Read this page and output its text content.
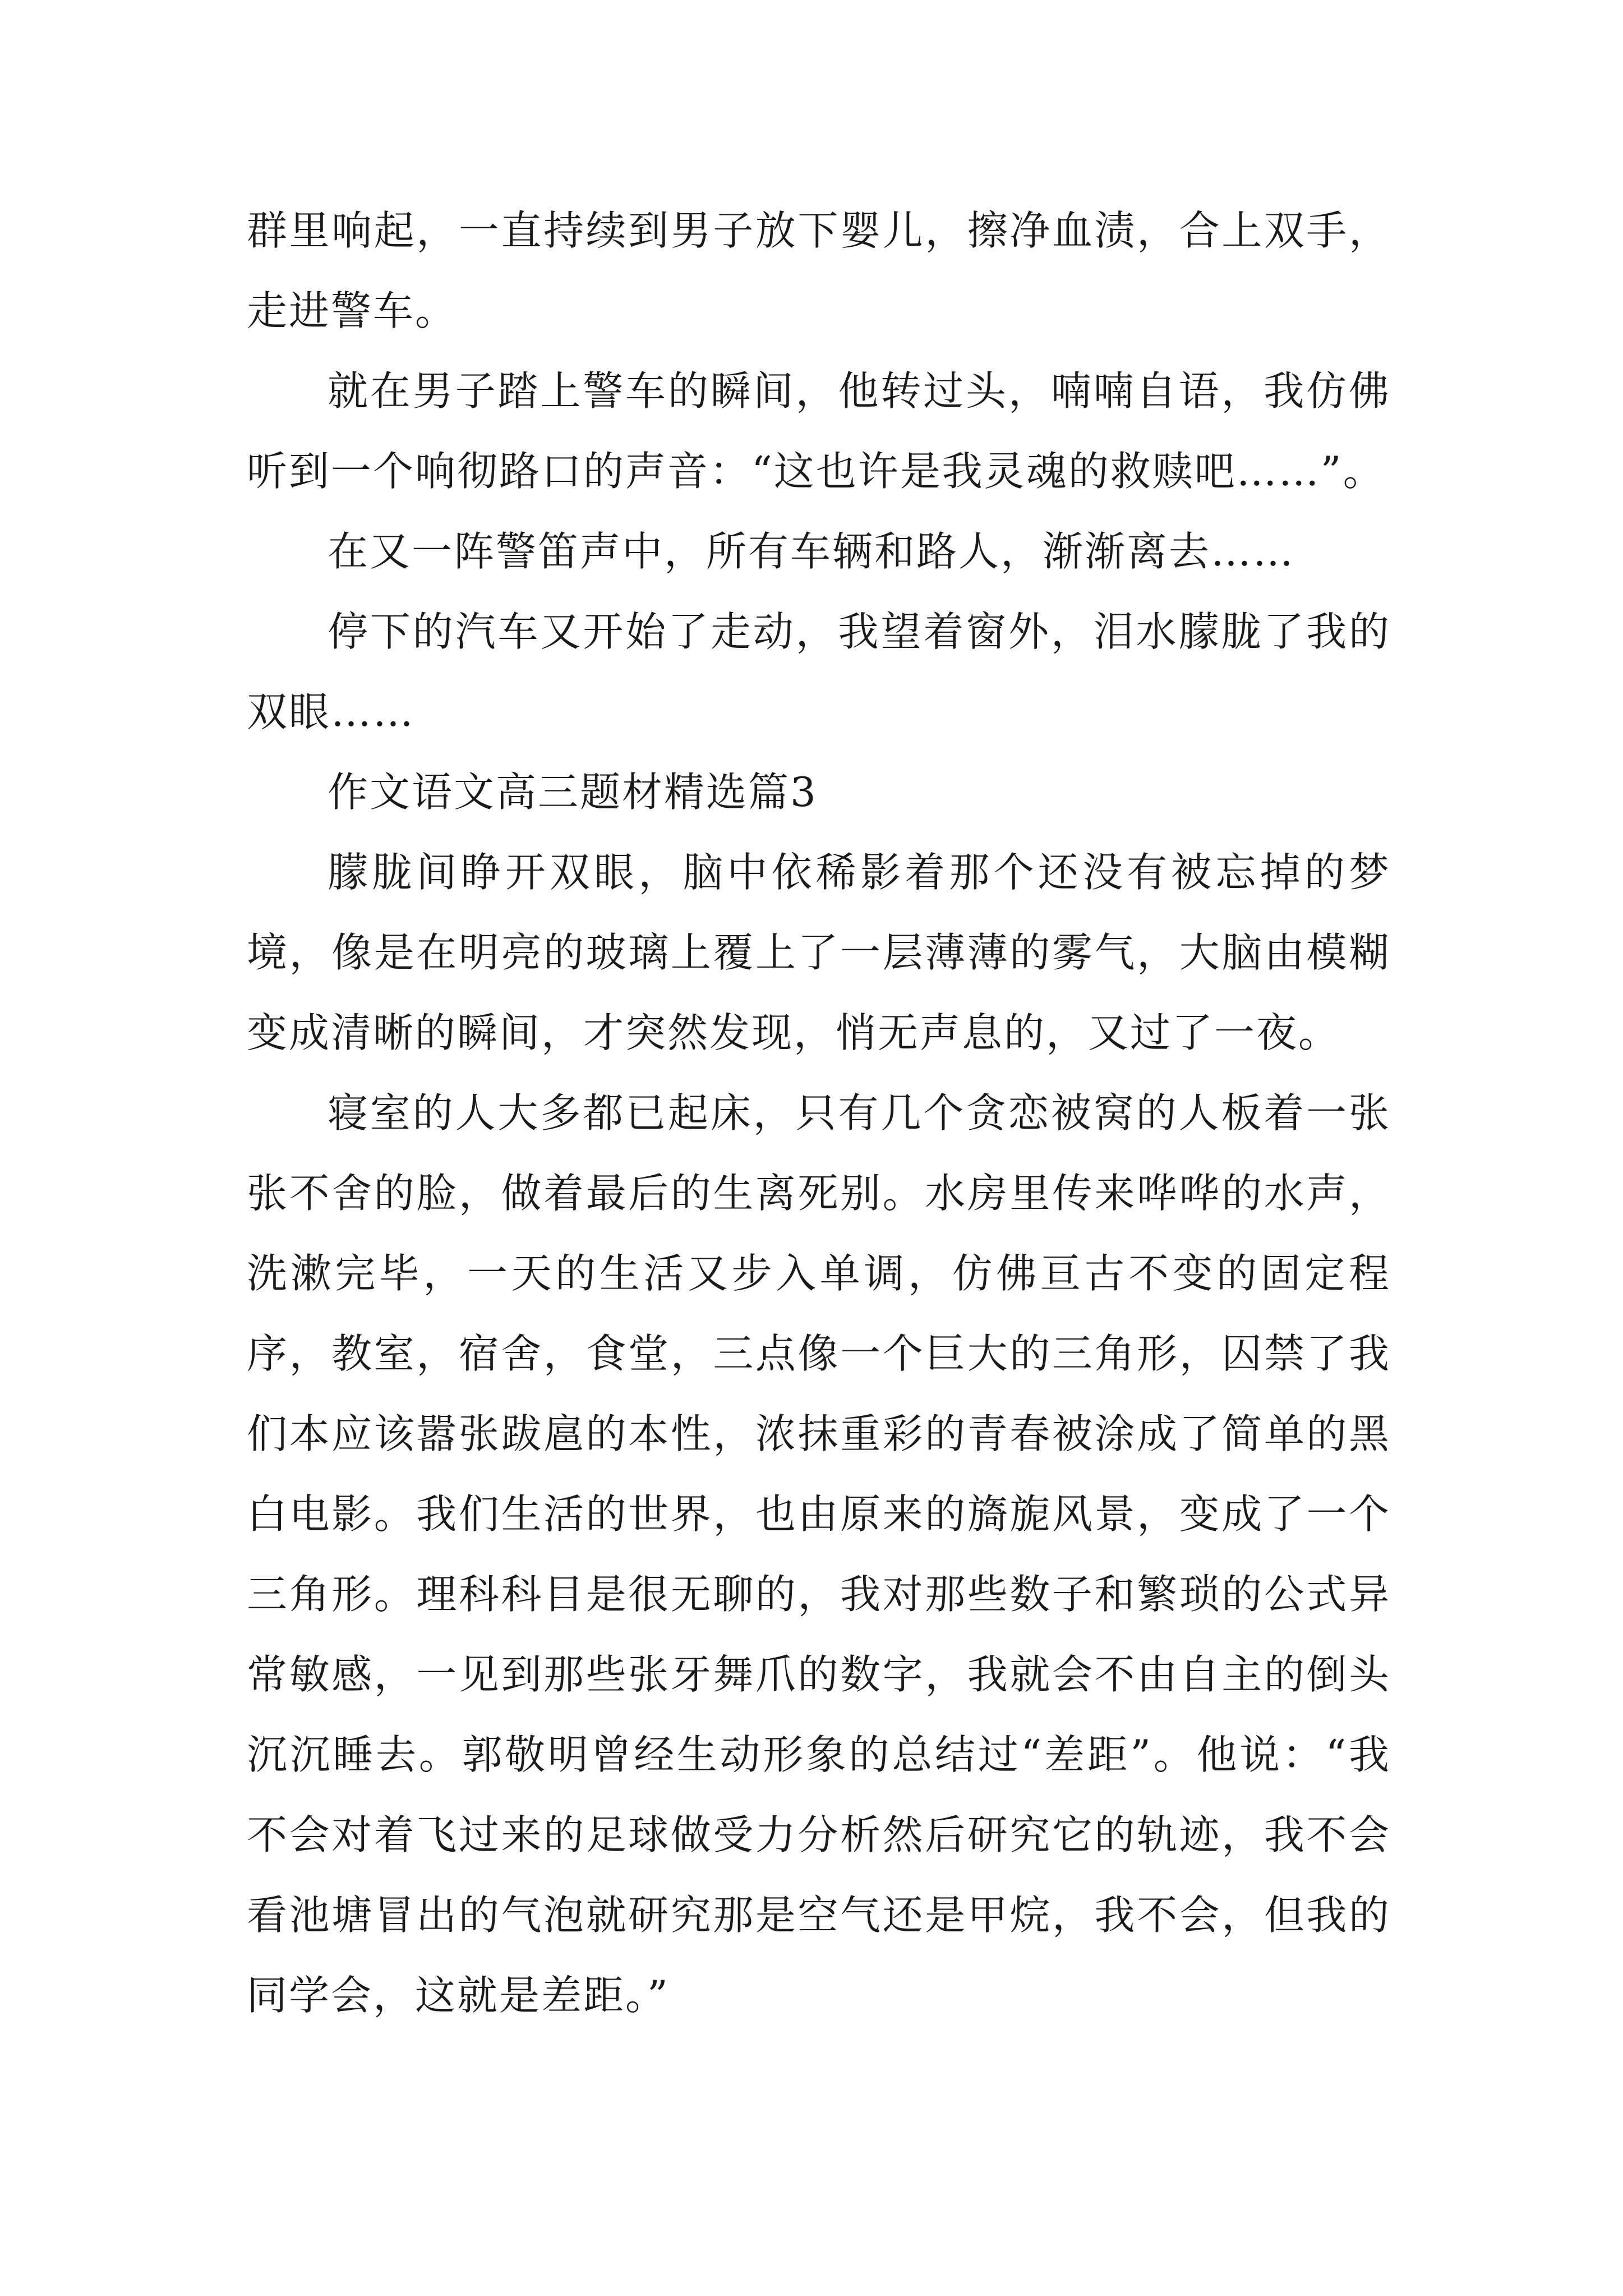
群里响起，一直持续到男子放下婴儿，擦净血渍，合上双手，走进警车。

就在男子踏上警车的瞬间，他转过头，喃喃自语，我仿佛听到一个响彻路口的声音：“这也许是我灵魂的救赎吧……”。

在又一阵警笛声中，所有车辆和路人，渐渐离去……

停下的汽车又开始了走动，我望着窗外，泪水朦胧了我的双眼……

作文语文高三题材精选篇3

朦胧间睁开双眼，脑中依稀影着那个还没有被忘掉的梦境，像是在明亮的玻璃上覆上了一层薄薄的雾气，大脑由模糊变成清晰的瞬间，才突然发现，悄无声息的，又过了一夜。

寝室的人大多都已起床，只有几个贪恋被窝的人板着一张张不舍的脸，做着最后的生离死别。水房里传来哗哗的水声，洗漱完毕，一天的生活又步入单调，仿佛亘古不变的固定程序，教室，宿舍，食堂，三点像一个巨大的三角形，囚禁了我们本应该嚣张跋扈的本性，浓抹重彩的青春被涂成了简单的黑白电影。我们生活的世界，也由原来的旖旎风景，变成了一个三角形。理科科目是很无聊的，我对那些数子和繁琐的公式异常敏感，一见到那些张牙舞爪的数字，我就会不由自主的倒头沉沉睡去。郭敬明曾经生动形象的总结过“差距”。他说：“我不会对着飞过来的足球做受力分析然后研究它的轨迹，我不会看池塘冒出的气泡就研究那是空气还是甲烷，我不会，但我的同学会，这就是差距。”
